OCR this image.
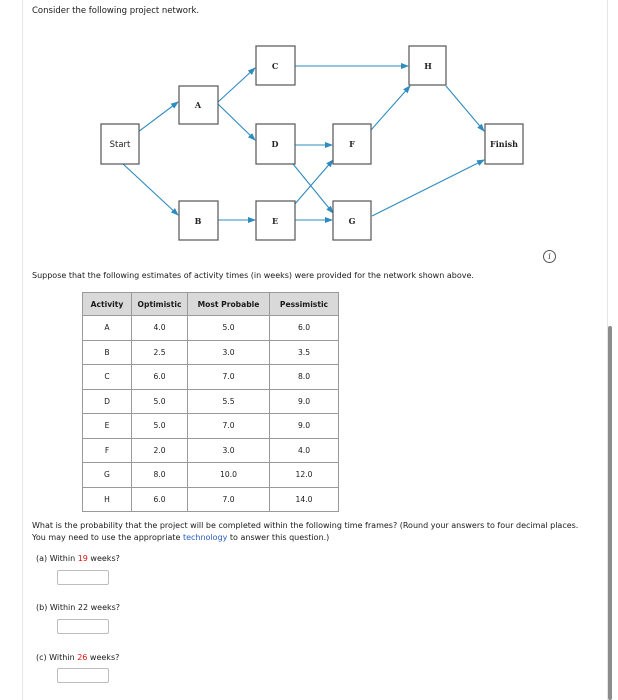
Consider the following project network.
Start
A
B
C
D
E
F
G
H
Finish
i
Suppose that the following estimates of activity times (in weeks) were provided for the network shown above.
Activity	Optimistic	Most Probable	Pessimistic
A	4.0	5.0	6.0
B	2.5	3.0	3.5
C	6.0	7.0	8.0
D	5.0	5.5	9.0
E	5.0	7.0	9.0
F	2.0	3.0	4.0
G	8.0	10.0	12.0
H	6.0	7.0	14.0
What is the probability that the project will be completed within the following time frames? (Round your answers to four decimal places. You may need to use the appropriate technology to answer this question.)
(a) Within 19 weeks?
(b) Within 22 weeks?
(c) Within 26 weeks?
